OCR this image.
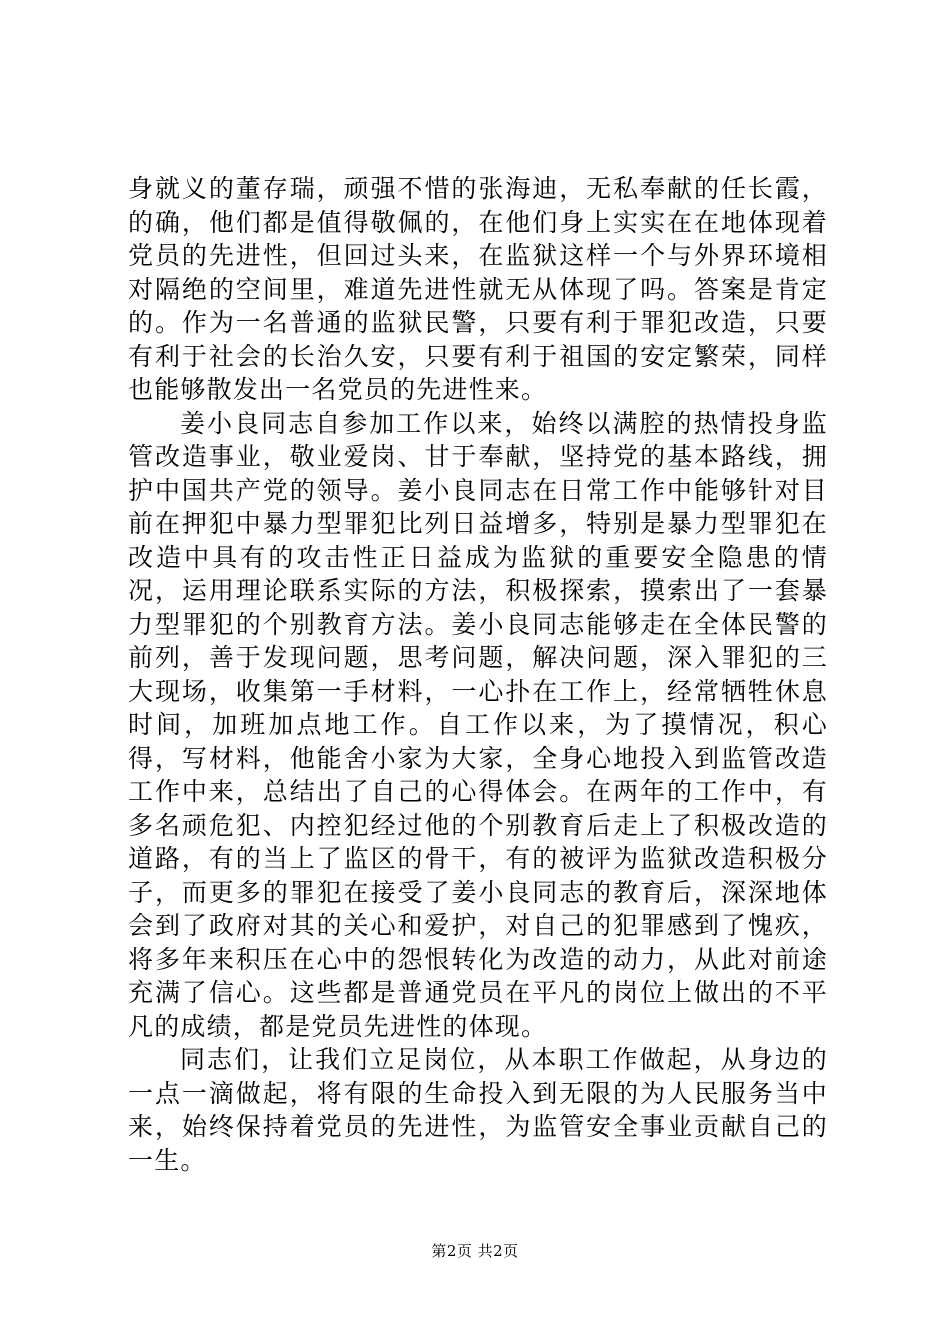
身就义的董存瑞，顽强不惜的张海迪，无私奉献的任长霞，的确，他们都是值得敬佩的，在他们身上实实在在地体现着党员的先进性，但回过头来，在监狱这样一个与外界环境相对隔绝的空间里，难道先进性就无从体现了吗。答案是肯定的。作为一名普通的监狱民警，只要有利于罪犯改造，只要有利于社会的长治久安，只要有利于祖国的安定繁荣，同样也能够散发出一名党员的先进性来。

姜小良同志自参加工作以来，始终以满腔的热情投身监管改造事业，敬业爱岗、甘于奉献，坚持党的基本路线，拥护中国共产党的领导。姜小良同志在日常工作中能够针对目前在押犯中暴力型罪犯比列日益增多，特别是暴力型罪犯在改造中具有的攻击性正日益成为监狱的重要安全隐患的情况，运用理论联系实际的方法，积极探索，摸索出了一套暴力型罪犯的个别教育方法。姜小良同志能够走在全体民警的前列，善于发现问题，思考问题，解决问题，深入罪犯的三大现场，收集第一手材料，一心扑在工作上，经常牺牲休息时间，加班加点地工作。自工作以来，为了摸情况，积心得，写材料，他能舍小家为大家，全身心地投入到监管改造工作中来，总结出了自己的心得体会。在两年的工作中，有多名顽危犯、内控犯经过他的个别教育后走上了积极改造的道路，有的当上了监区的骨干，有的被评为监狱改造积极分子，而更多的罪犯在接受了姜小良同志的教育后，深深地体会到了政府对其的关心和爱护，对自己的犯罪感到了愧疚，将多年来积压在心中的怨恨转化为改造的动力，从此对前途充满了信心。这些都是普通党员在平凡的岗位上做出的不平凡的成绩，都是党员先进性的体现。

同志们，让我们立足岗位，从本职工作做起，从身边的一点一滴做起，将有限的生命投入到无限的为人民服务当中来，始终保持着党员的先进性，为监管安全事业贡献自己的一生。

第2页 共2页
